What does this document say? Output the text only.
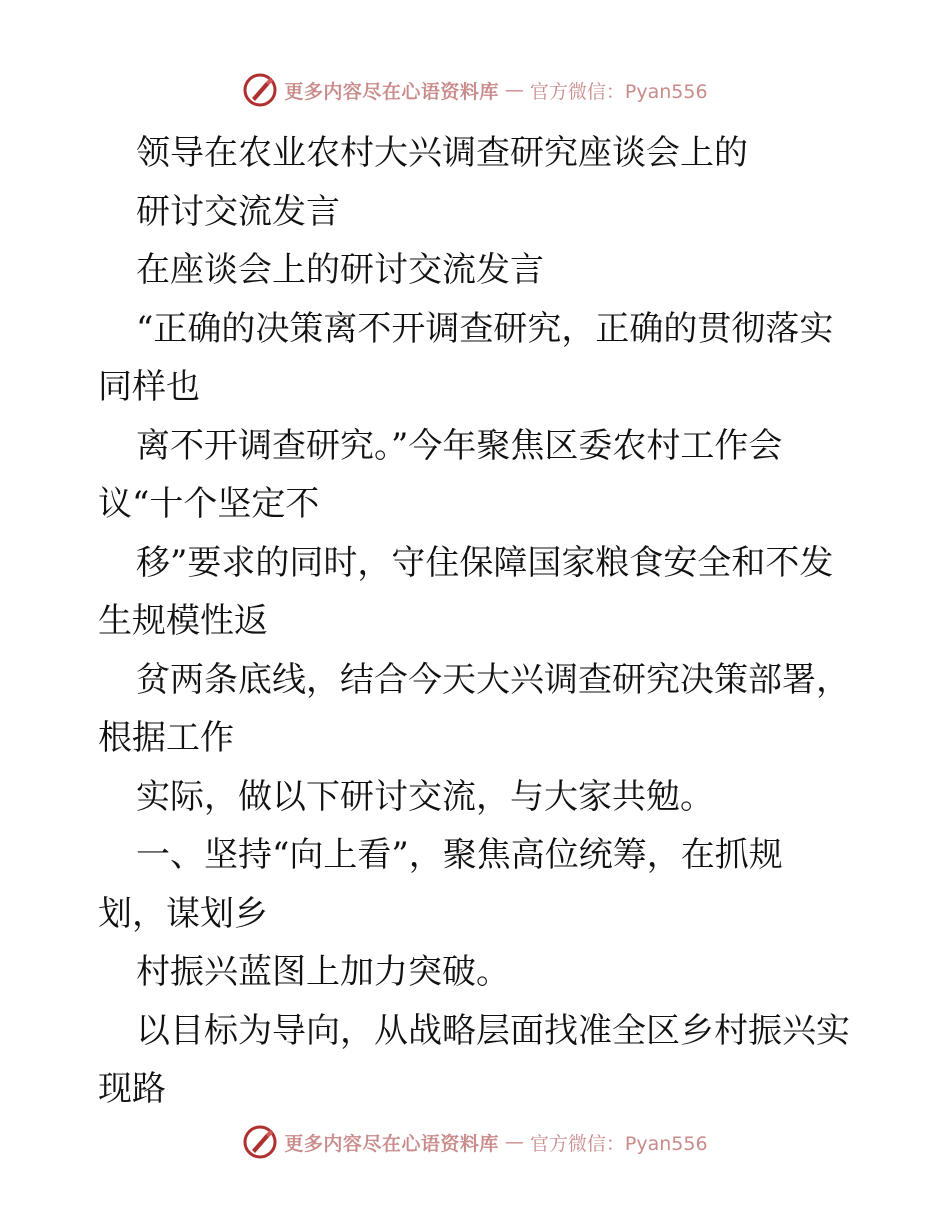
更多内容尽在心语资料库 — 官方微信：Pyan556
领导在农业农村大兴调查研究座谈会上的
研讨交流发言
在座谈会上的研讨交流发言
“正确的决策离不开调查研究，正确的贯彻落实
同样也
离不开调查研究。”今年聚焦区委农村工作会
议“十个坚定不
移”要求的同时，守住保障国家粮食安全和不发
生规模性返
贫两条底线，结合今天大兴调查研究决策部署，
根据工作
实际，做以下研讨交流，与大家共勉。
一、坚持“向上看”，聚焦高位统筹，在抓规
划，谋划乡
村振兴蓝图上加力突破。
以目标为导向，从战略层面找准全区乡村振兴实
现路
更多内容尽在心语资料库 — 官方微信：Pyan556
